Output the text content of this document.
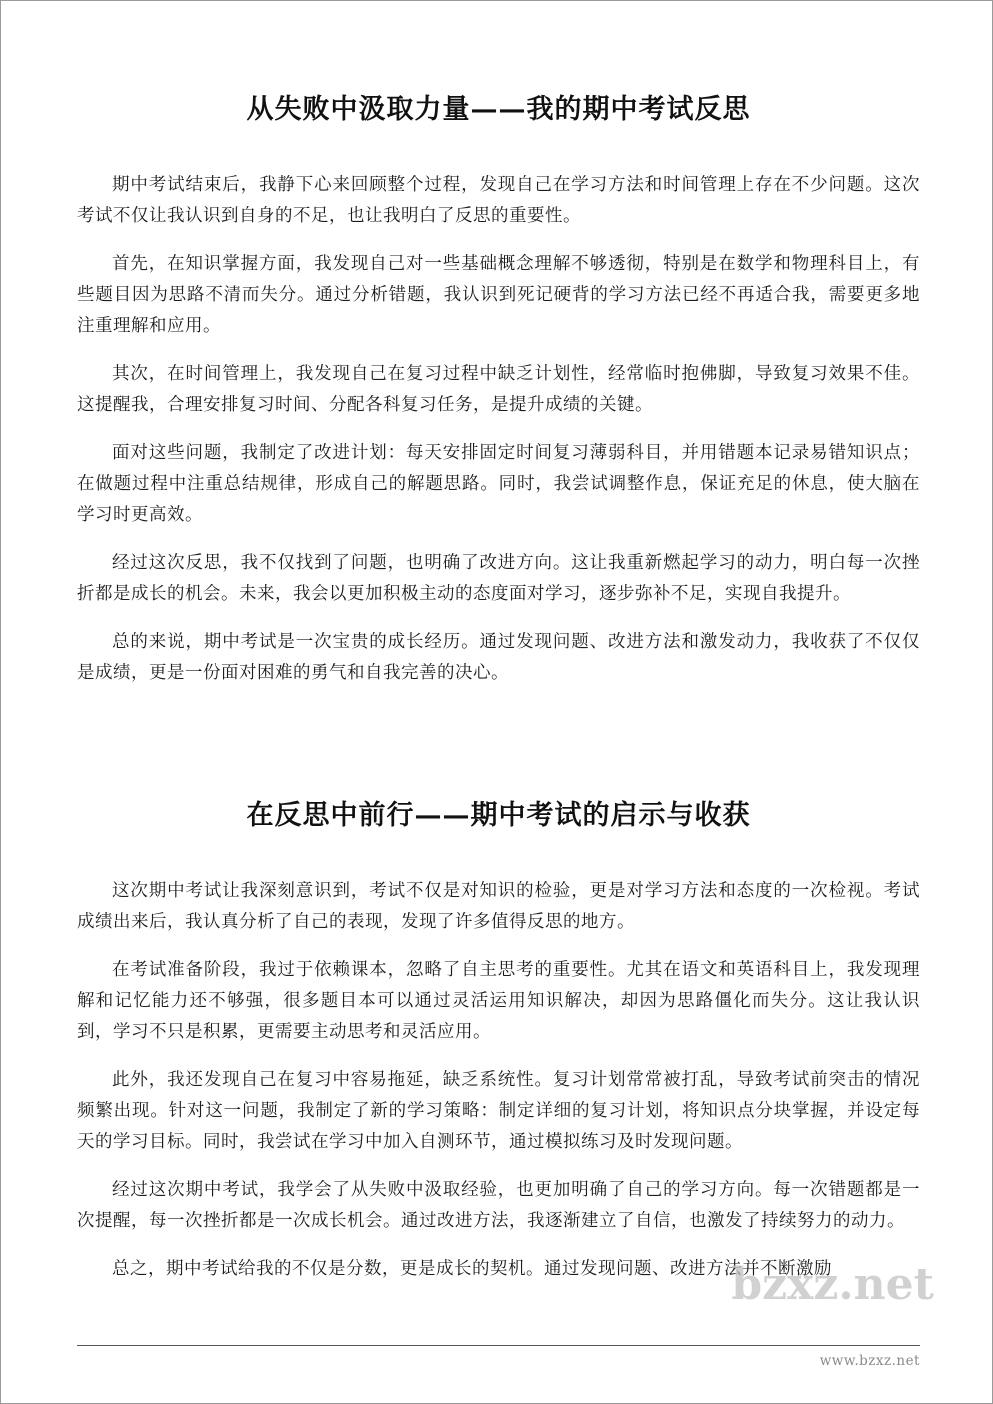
从失败中汲取力量——我的期中考试反思

期中考试结束后，我静下心来回顾整个过程，发现自己在学习方法和时间管理上存在不少问题。这次考试不仅让我认识到自身的不足，也让我明白了反思的重要性。

首先，在知识掌握方面，我发现自己对一些基础概念理解不够透彻，特别是在数学和物理科目上，有些题目因为思路不清而失分。通过分析错题，我认识到死记硬背的学习方法已经不再适合我，需要更多地注重理解和应用。

其次，在时间管理上，我发现自己在复习过程中缺乏计划性，经常临时抱佛脚，导致复习效果不佳。这提醒我，合理安排复习时间、分配各科复习任务，是提升成绩的关键。

面对这些问题，我制定了改进计划：每天安排固定时间复习薄弱科目，并用错题本记录易错知识点；在做题过程中注重总结规律，形成自己的解题思路。同时，我尝试调整作息，保证充足的休息，使大脑在学习时更高效。

经过这次反思，我不仅找到了问题，也明确了改进方向。这让我重新燃起学习的动力，明白每一次挫折都是成长的机会。未来，我会以更加积极主动的态度面对学习，逐步弥补不足，实现自我提升。

总的来说，期中考试是一次宝贵的成长经历。通过发现问题、改进方法和激发动力，我收获了不仅仅是成绩，更是一份面对困难的勇气和自我完善的决心。

在反思中前行——期中考试的启示与收获

这次期中考试让我深刻意识到，考试不仅是对知识的检验，更是对学习方法和态度的一次检视。考试成绩出来后，我认真分析了自己的表现，发现了许多值得反思的地方。

在考试准备阶段，我过于依赖课本，忽略了自主思考的重要性。尤其在语文和英语科目上，我发现理解和记忆能力还不够强，很多题目本可以通过灵活运用知识解决，却因为思路僵化而失分。这让我认识到，学习不只是积累，更需要主动思考和灵活应用。

此外，我还发现自己在复习中容易拖延，缺乏系统性。复习计划常常被打乱，导致考试前突击的情况频繁出现。针对这一问题，我制定了新的学习策略：制定详细的复习计划，将知识点分块掌握，并设定每天的学习目标。同时，我尝试在学习中加入自测环节，通过模拟练习及时发现问题。

经过这次期中考试，我学会了从失败中汲取经验，也更加明确了自己的学习方向。每一次错题都是一次提醒，每一次挫折都是一次成长机会。通过改进方法，我逐渐建立了自信，也激发了持续努力的动力。

总之，期中考试给我的不仅是分数，更是成长的契机。通过发现问题、改进方法并不断激励

bzxz.net
www.bzxz.net
